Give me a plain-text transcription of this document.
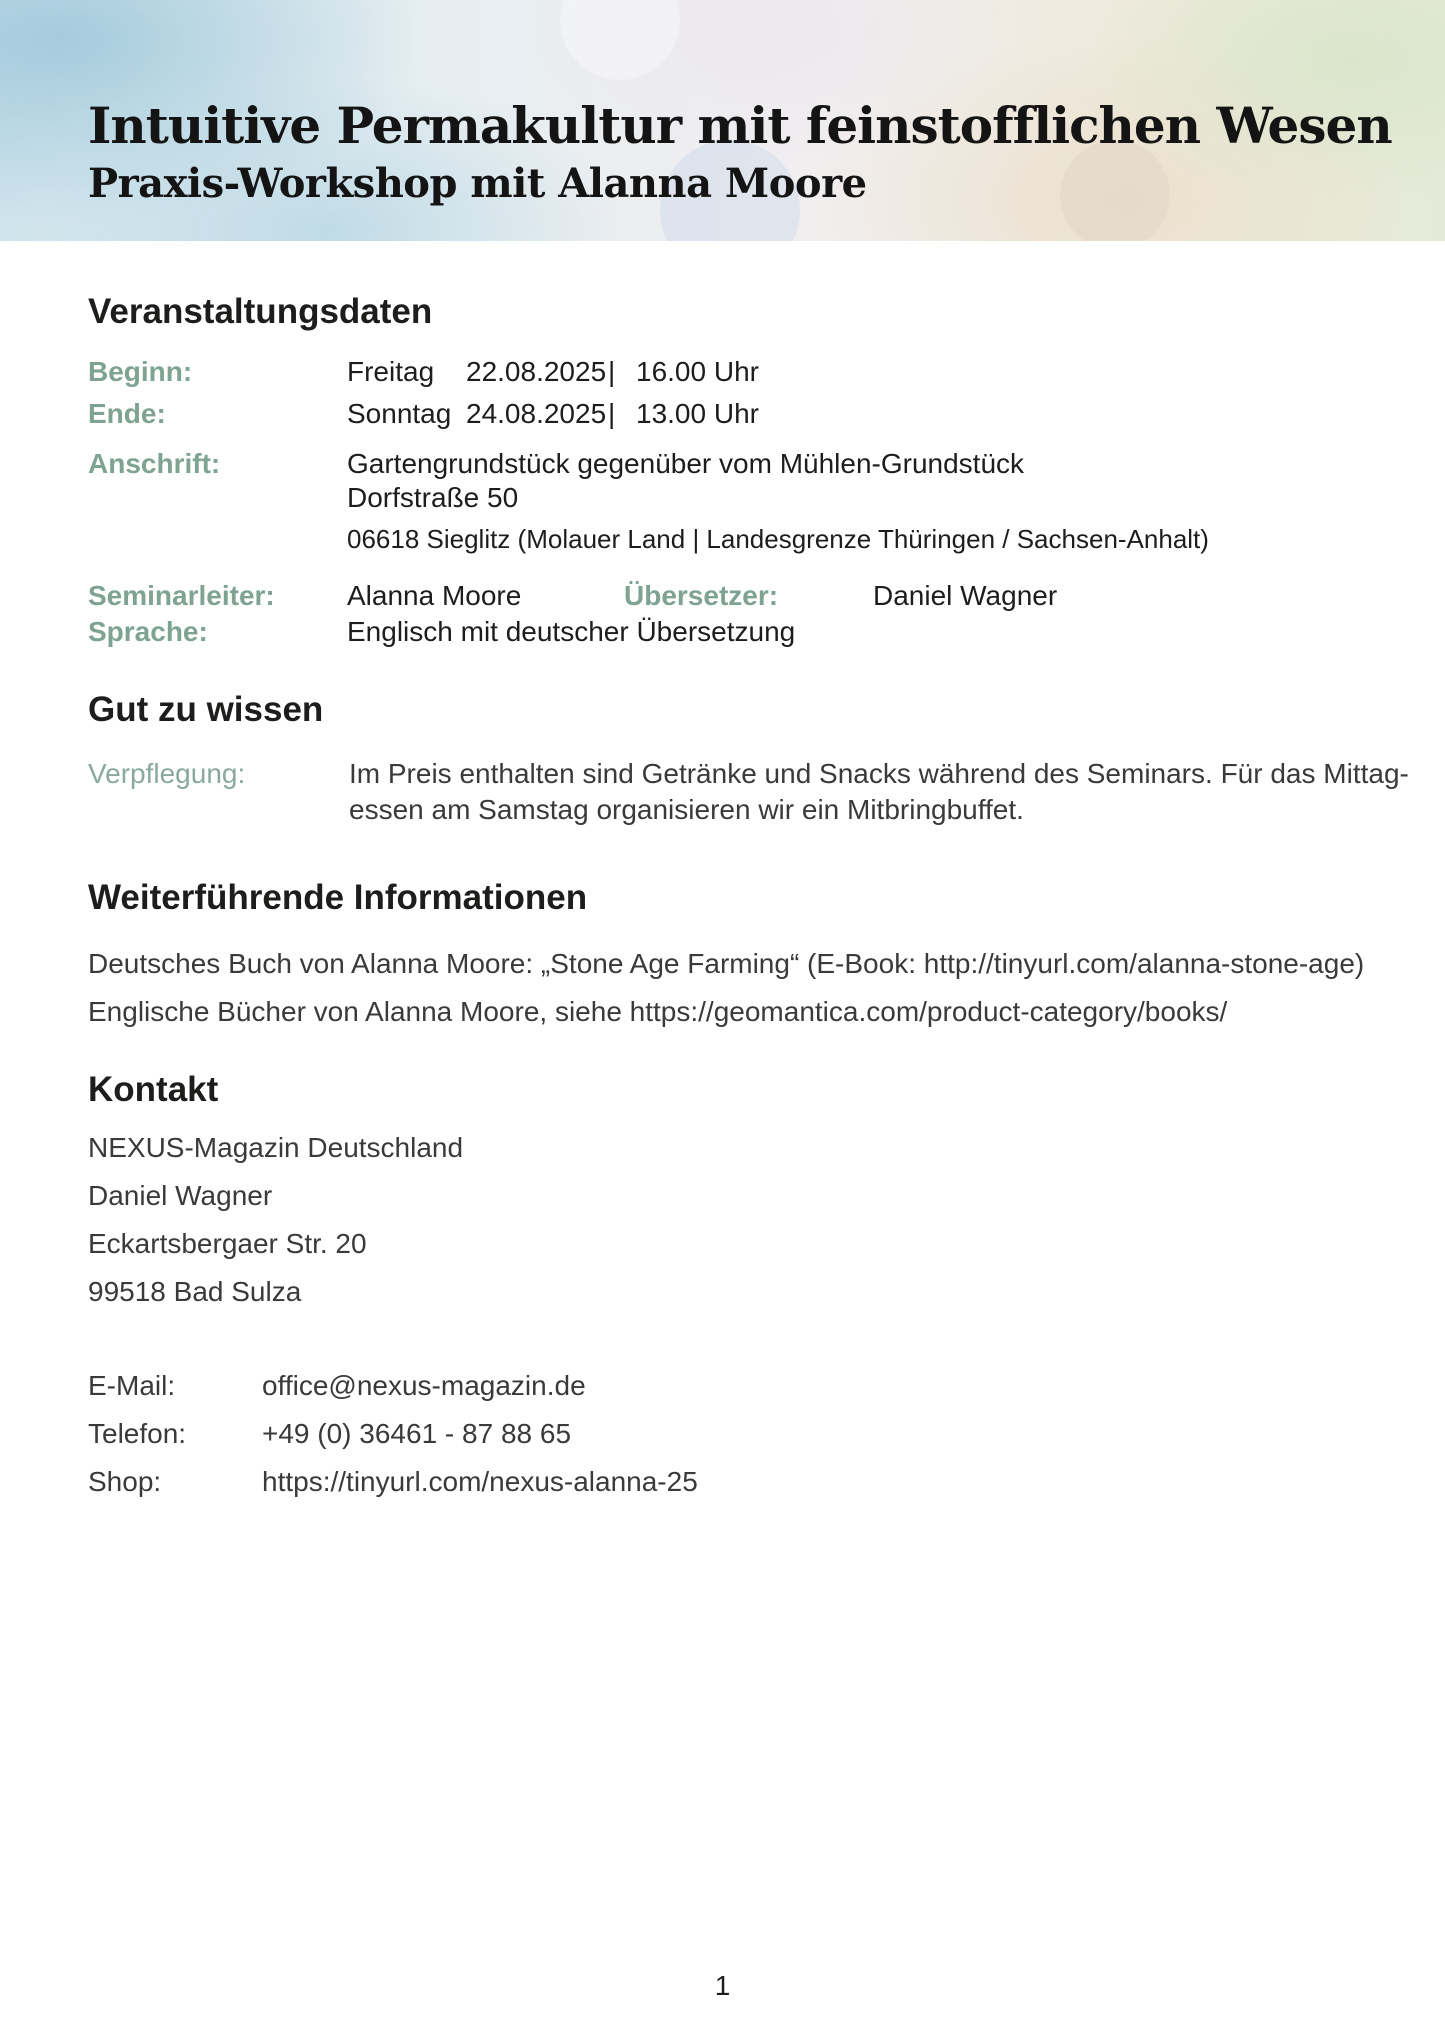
Intuitive Permakultur mit feinstofflichen Wesen
Praxis-Workshop mit Alanna Moore
Veranstaltungsdaten
Beginn:	Freitag 22.08.2025 | 16.00 Uhr
Ende:	Sonntag 24.08.2025 | 13.00 Uhr
Anschrift:	Gartengrundstück gegenüber vom Mühlen-Grundstück
Dorfstraße 50
06618 Sieglitz (Molauer Land | Landesgrenze Thüringen / Sachsen-Anhalt)
Seminarleiter:	Alanna Moore	Übersetzer:	Daniel Wagner
Sprache:	Englisch mit deutscher Übersetzung
Gut zu wissen
Verpflegung:	Im Preis enthalten sind Getränke und Snacks während des Seminars. Für das Mittag-
essen am Samstag organisieren wir ein Mitbringbuffet.
Weiterführende Informationen
Deutsches Buch von Alanna Moore: „Stone Age Farming“ (E-Book: http://tinyurl.com/alanna-stone-age)
Englische Bücher von Alanna Moore, siehe https://geomantica.com/product-category/books/
Kontakt
NEXUS-Magazin Deutschland
Daniel Wagner
Eckartsbergaer Str. 20
99518 Bad Sulza
E-Mail:	office@nexus-magazin.de
Telefon:	+49 (0) 36461 - 87 88 65
Shop:	https://tinyurl.com/nexus-alanna-25
1
